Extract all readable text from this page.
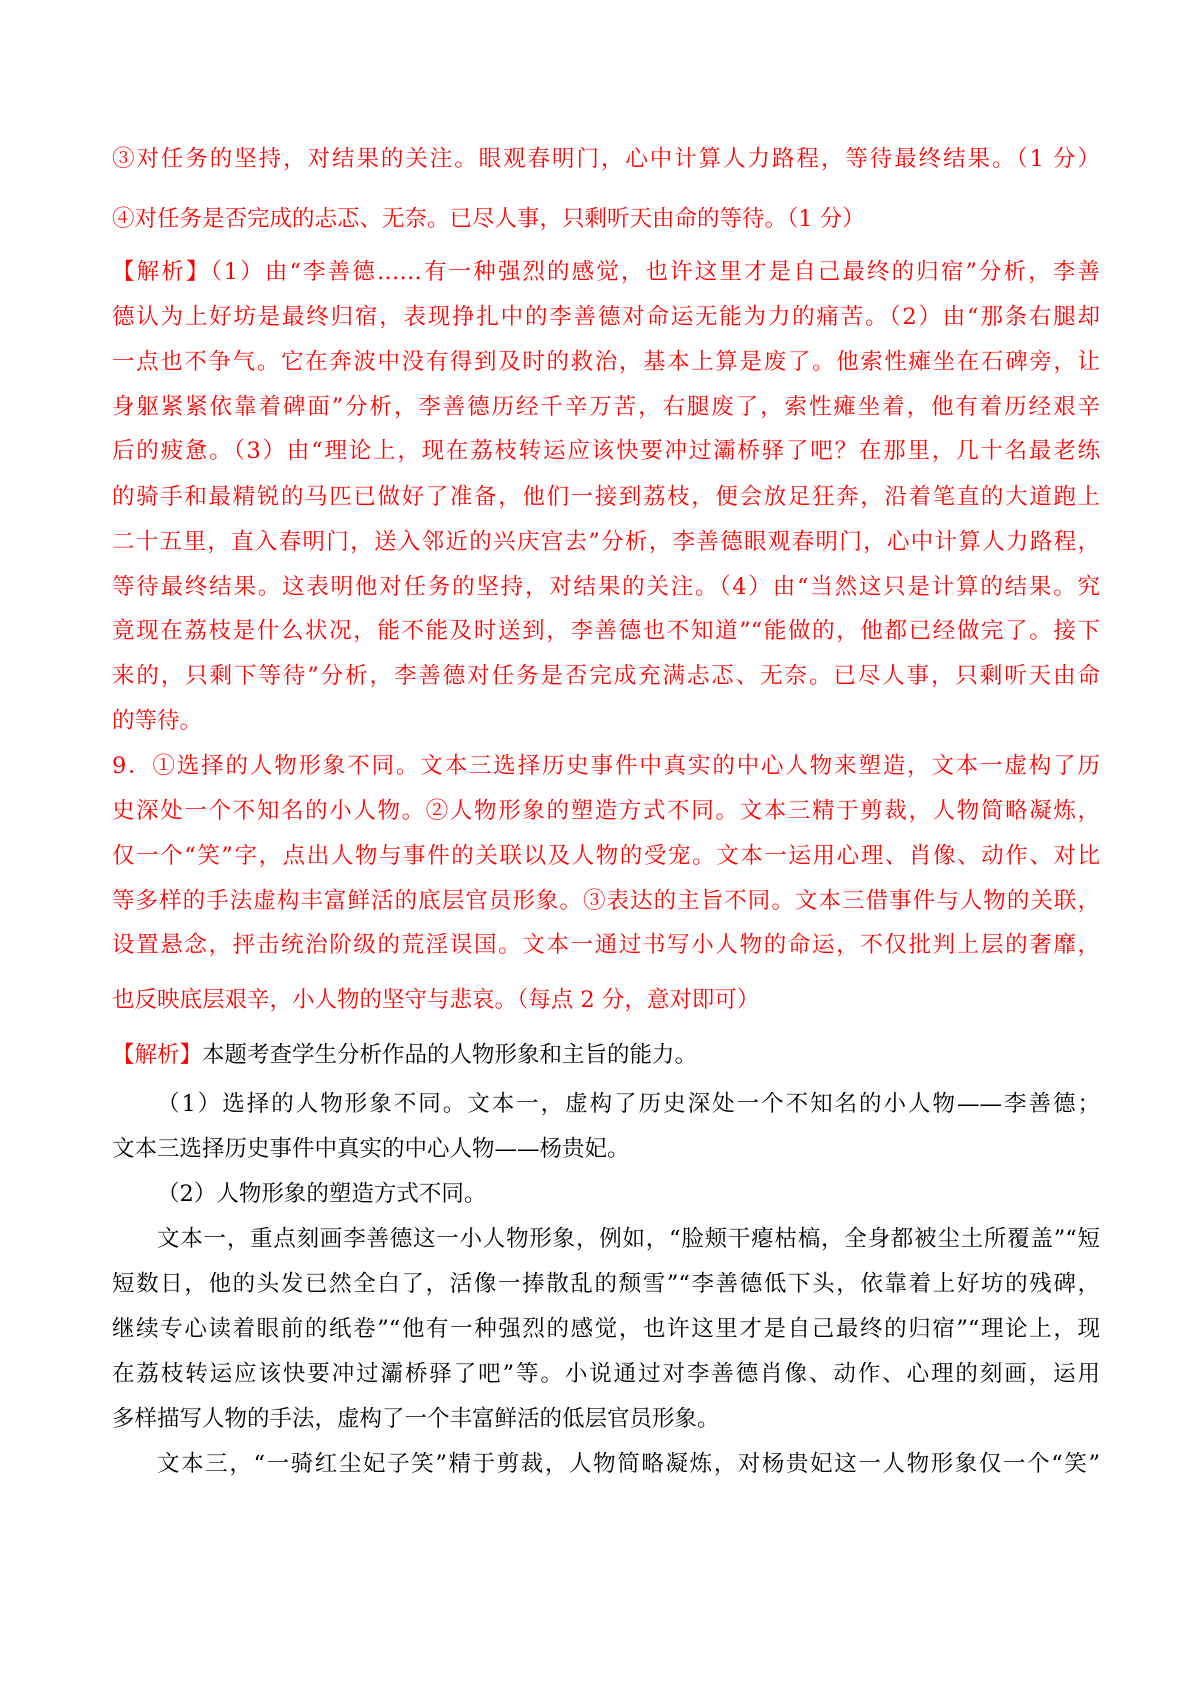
③对任务的坚持，对结果的关注。眼观春明门，心中计算人力路程，等待最终结果。（1 分）
④对任务是否完成的忐忑、无奈。已尽人事，只剩听天由命的等待。（1 分）
【解析】（1）由“李善德……有一种强烈的感觉，也许这里才是自己最终的归宿”分析，李善
德认为上好坊是最终归宿，表现挣扎中的李善德对命运无能为力的痛苦。（2）由“那条右腿却
一点也不争气。它在奔波中没有得到及时的救治，基本上算是废了。他索性瘫坐在石碑旁，让
身躯紧紧依靠着碑面”分析，李善德历经千辛万苦，右腿废了，索性瘫坐着，他有着历经艰辛
后的疲惫。（3）由“理论上，现在荔枝转运应该快要冲过灞桥驿了吧？在那里，几十名最老练
的骑手和最精锐的马匹已做好了准备，他们一接到荔枝，便会放足狂奔，沿着笔直的大道跑上
二十五里，直入春明门，送入邻近的兴庆宫去”分析，李善德眼观春明门，心中计算人力路程，
等待最终结果。这表明他对任务的坚持，对结果的关注。（4）由“当然这只是计算的结果。究
竟现在荔枝是什么状况，能不能及时送到，李善德也不知道”“能做的，他都已经做完了。接下
来的，只剩下等待”分析，李善德对任务是否完成充满忐忑、无奈。已尽人事，只剩听天由命
的等待。
9．①选择的人物形象不同。文本三选择历史事件中真实的中心人物来塑造，文本一虚构了历
史深处一个不知名的小人物。②人物形象的塑造方式不同。文本三精于剪裁，人物简略凝炼，
仅一个“笑”字，点出人物与事件的关联以及人物的受宠。文本一运用心理、肖像、动作、对比
等多样的手法虚构丰富鲜活的底层官员形象。③表达的主旨不同。文本三借事件与人物的关联，
设置悬念，抨击统治阶级的荒淫误国。文本一通过书写小人物的命运，不仅批判上层的奢靡，
也反映底层艰辛，小人物的坚守与悲哀。（每点 2 分，意对即可）
【解析】本题考查学生分析作品的人物形象和主旨的能力。
（1）选择的人物形象不同。文本一，虚构了历史深处一个不知名的小人物——李善德；
文本三选择历史事件中真实的中心人物——杨贵妃。
（2）人物形象的塑造方式不同。
文本一，重点刻画李善德这一小人物形象，例如，“脸颊干瘪枯槁，全身都被尘土所覆盖”“短
短数日，他的头发已然全白了，活像一捧散乱的颓雪”“李善德低下头，依靠着上好坊的残碑，
继续专心读着眼前的纸卷”“他有一种强烈的感觉，也许这里才是自己最终的归宿”“理论上，现
在荔枝转运应该快要冲过灞桥驿了吧”等。小说通过对李善德肖像、动作、心理的刻画，运用
多样描写人物的手法，虚构了一个丰富鲜活的低层官员形象。
文本三，“一骑红尘妃子笑”精于剪裁，人物简略凝炼，对杨贵妃这一人物形象仅一个“笑”
